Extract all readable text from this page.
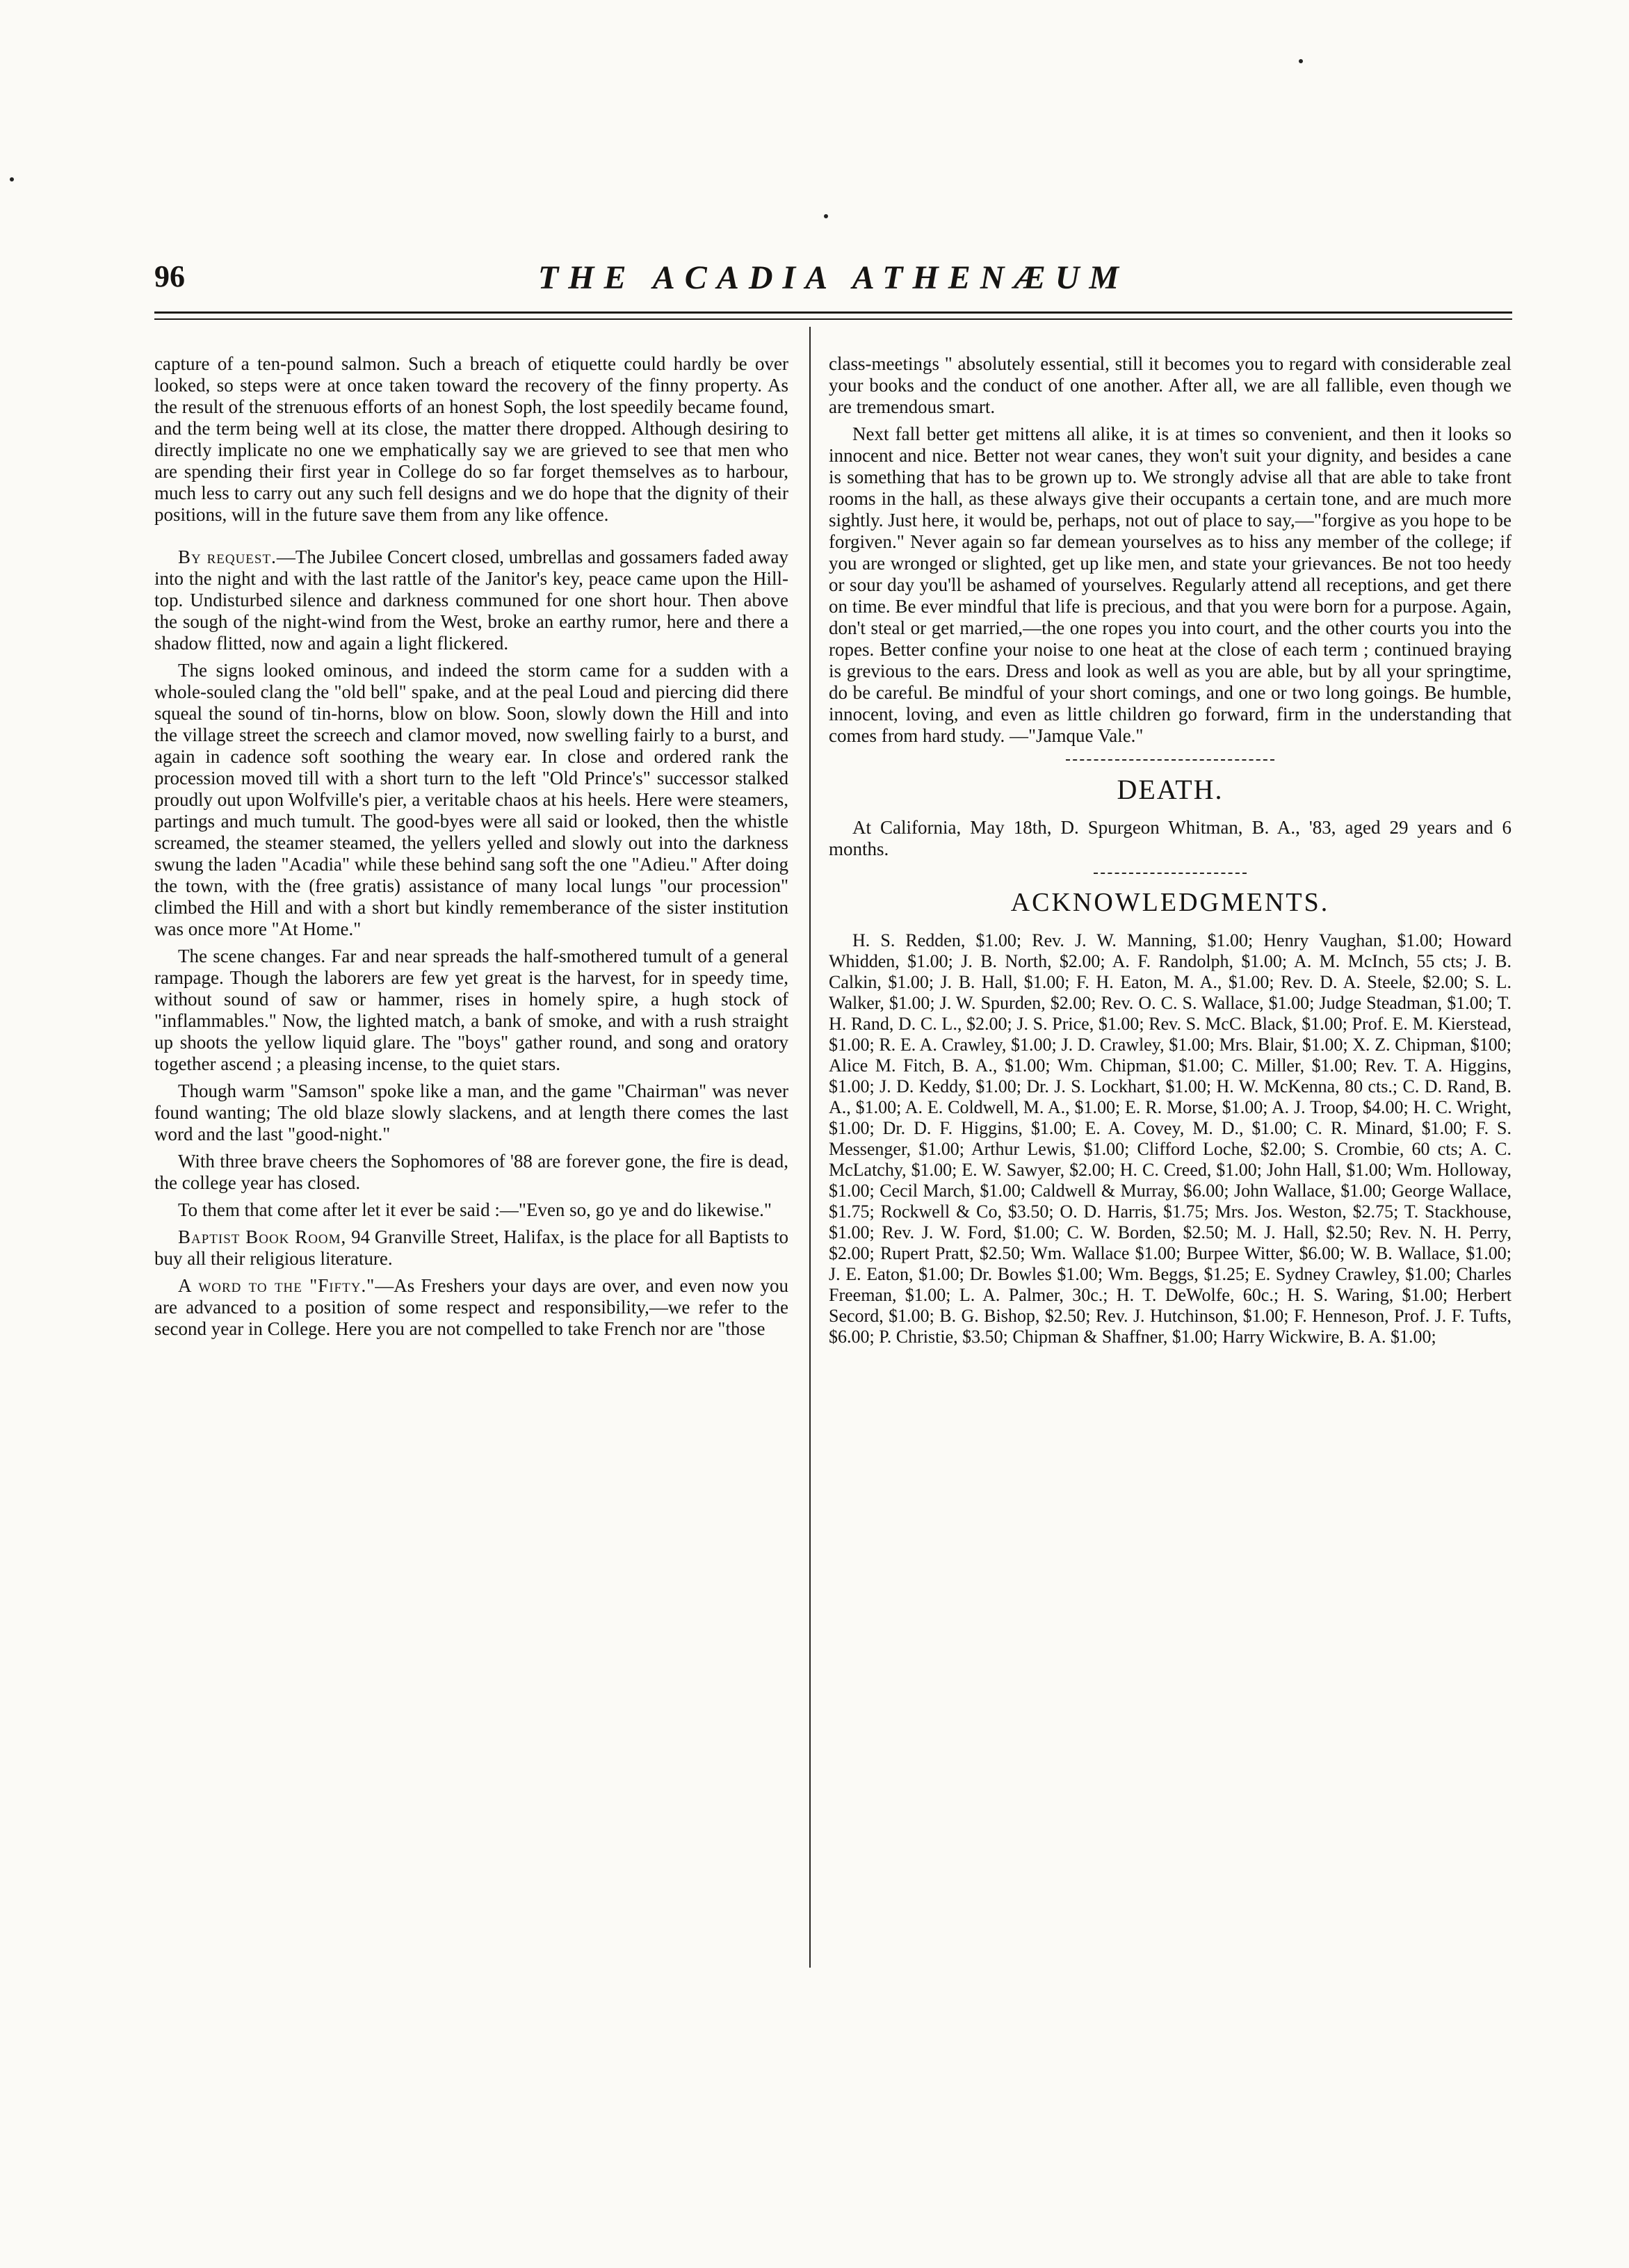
96	THE ACADIA ATHENÆUM

capture of a ten-pound salmon. Such a breach of etiquette could hardly be over looked, so steps were at once taken toward the recovery of the finny property. As the result of the strenuous efforts of an honest Soph, the lost speedily became found, and the term being well at its close, the matter there dropped. Although desiring to directly implicate no one we emphatically say we are grieved to see that men who are spending their first year in College do so far forget themselves as to harbour, much less to carry out any such fell designs and we do hope that the dignity of their positions, will in the future save them from any like offence.

By request.—The Jubilee Concert closed, umbrellas and gossamers faded away into the night and with the last rattle of the Janitor's key, peace came upon the Hill-top. Undisturbed silence and darkness communed for one short hour. Then above the sough of the night-wind from the West, broke an earthy rumor, here and there a shadow flitted, now and again a light flickered.

The signs looked ominous, and indeed the storm came for a sudden with a whole-souled clang the "old bell" spake, and at the peal Loud and piercing did there squeal the sound of tin-horns, blow on blow. Soon, slowly down the Hill and into the village street the screech and clamor moved, now swelling fairly to a burst, and again in cadence soft soothing the weary ear. In close and ordered rank the procession moved till with a short turn to the left "Old Prince's" successor stalked proudly out upon Wolfville's pier, a veritable chaos at his heels. Here were steamers, partings and much tumult. The good-byes were all said or looked, then the whistle screamed, the steamer steamed, the yellers yelled and slowly out into the darkness swung the laden "Acadia" while these behind sang soft the one "Adieu." After doing the town, with the (free gratis) assistance of many local lungs "our procession" climbed the Hill and with a short but kindly rememberance of the sister institution was once more "At Home."

The scene changes. Far and near spreads the half-smothered tumult of a general rampage. Though the laborers are few yet great is the harvest, for in speedy time, without sound of saw or hammer, rises in homely spire, a hugh stock of "inflammables." Now, the lighted match, a bank of smoke, and with a rush straight up shoots the yellow liquid glare. The "boys" gather round, and song and oratory together ascend ; a pleasing incense, to the quiet stars.

Though warm "Samson" spoke like a man, and the game "Chairman" was never found wanting; The old blaze slowly slackens, and at length there comes the last word and the last "good-night."

With three brave cheers the Sophomores of '88 are forever gone, the fire is dead, the college year has closed.

To them that come after let it ever be said :—"Even so, go ye and do likewise."

Baptist Book Room, 94 Granville Street, Halifax, is the place for all Baptists to buy all their religious literature.

A word to the "Fifty."—As Freshers your days are over, and even now you are advanced to a position of some respect and responsibility,—we refer to the second year in College. Here you are not compelled to take French nor are "those

class-meetings " absolutely essential, still it becomes you to regard with considerable zeal your books and the conduct of one another. After all, we are all fallible, even though we are tremendous smart.

Next fall better get mittens all alike, it is at times so convenient, and then it looks so innocent and nice. Better not wear canes, they won't suit your dignity, and besides a cane is something that has to be grown up to. We strongly advise all that are able to take front rooms in the hall, as these always give their occupants a certain tone, and are much more sightly. Just here, it would be, perhaps, not out of place to say,—"forgive as you hope to be forgiven." Never again so far demean yourselves as to hiss any member of the college; if you are wronged or slighted, get up like men, and state your grievances. Be not too heedy or sour day you'll be ashamed of yourselves. Regularly attend all receptions, and get there on time. Be ever mindful that life is precious, and that you were born for a purpose. Again, don't steal or get married,—the one ropes you into court, and the other courts you into the ropes. Better confine your noise to one heat at the close of each term ; continued braying is grevious to the ears. Dress and look as well as you are able, but by all your springtime, do be careful. Be mindful of your short comings, and one or two long goings. Be humble, innocent, loving, and even as little children go forward, firm in the understanding that comes from hard study. —"Jamque Vale."

DEATH.

At California, May 18th, D. Spurgeon Whitman, B. A., '83, aged 29 years and 6 months.

ACKNOWLEDGMENTS.

H. S. Redden, $1.00; Rev. J. W. Manning, $1.00; Henry Vaughan, $1.00; Howard Whidden, $1.00; J. B. North, $2.00; A. F. Randolph, $1.00; A. M. McInch, 55 cts; J. B. Calkin, $1.00; J. B. Hall, $1.00; F. H. Eaton, M. A., $1.00; Rev. D. A. Steele, $2.00; S. L. Walker, $1.00; J. W. Spurden, $2.00; Rev. O. C. S. Wallace, $1.00; Judge Steadman, $1.00; T. H. Rand, D. C. L., $2.00; J. S. Price, $1.00; Rev. S. McC. Black, $1.00; Prof. E. M. Kierstead, $1.00; R. E. A. Crawley, $1.00; J. D. Crawley, $1.00; Mrs. Blair, $1.00; X. Z. Chipman, $100; Alice M. Fitch, B. A., $1.00; Wm. Chipman, $1.00; C. Miller, $1.00; Rev. T. A. Higgins, $1.00; J. D. Keddy, $1.00; Dr. J. S. Lockhart, $1.00; H. W. McKenna, 80 cts.; C. D. Rand, B. A., $1.00; A. E. Coldwell, M. A., $1.00; E. R. Morse, $1.00; A. J. Troop, $4.00; H. C. Wright, $1.00; Dr. D. F. Higgins, $1.00; E. A. Covey, M. D., $1.00; C. R. Minard, $1.00; F. S. Messenger, $1.00; Arthur Lewis, $1.00; Clifford Loche, $2.00; S. Crombie, 60 cts; A. C. McLatchy, $1.00; E. W. Sawyer, $2.00; H. C. Creed, $1.00; John Hall, $1.00; Wm. Holloway, $1.00; Cecil March, $1.00; Caldwell & Murray, $6.00; John Wallace, $1.00; George Wallace, $1.75; Rockwell & Co, $3.50; O. D. Harris, $1.75; Mrs. Jos. Weston, $2.75; T. Stackhouse, $1.00; Rev. J. W. Ford, $1.00; C. W. Borden, $2.50; M. J. Hall, $2.50; Rev. N. H. Perry, $2.00; Rupert Pratt, $2.50; Wm. Wallace $1.00; Burpee Witter, $6.00; W. B. Wallace, $1.00; J. E. Eaton, $1.00; Dr. Bowles $1.00; Wm. Beggs, $1.25; E. Sydney Crawley, $1.00; Charles Freeman, $1.00; L. A. Palmer, 30c.; H. T. DeWolfe, 60c.; H. S. Waring, $1.00; Herbert Secord, $1.00; B. G. Bishop, $2.50; Rev. J. Hutchinson, $1.00; F. Henneson, Prof. J. F. Tufts, $6.00; P. Christie, $3.50; Chipman & Shaffner, $1.00; Harry Wickwire, B. A. $1.00;
